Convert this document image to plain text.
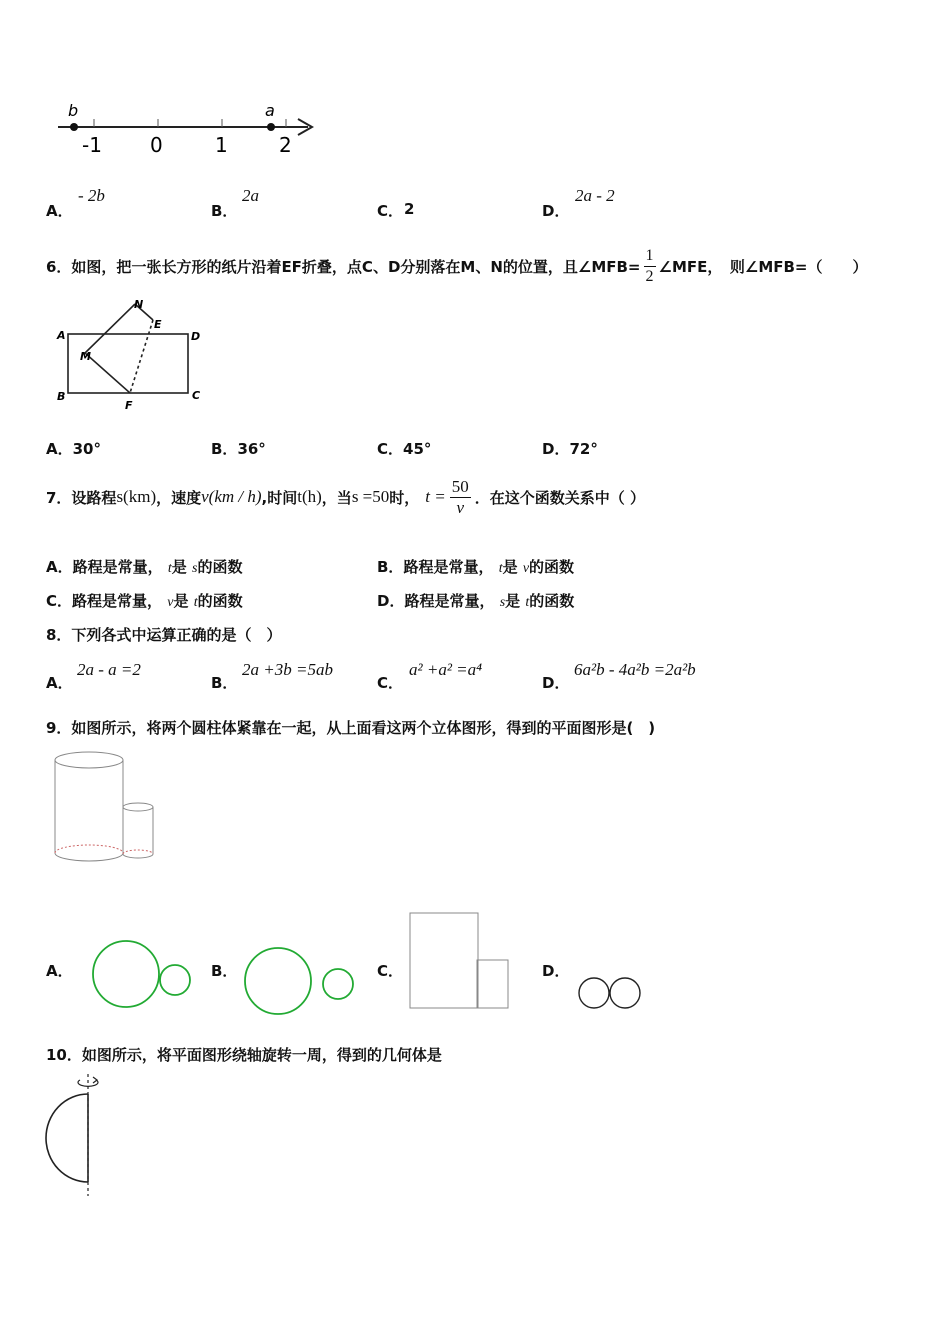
b	a
-1 0	1	2
A．
- 2b
B．
2a
C． 2	D．
2a - 2
6．如图，把一张长方形的纸片沿着EF折叠，点C、D分别落在M、N的位置，且∠MFB= $\frac{1}{2}$ ∠MFE，　则∠MFB=（　　）
A
B	C
D
E
F
M
N
A．30°	B．36°	C．45°	D．72°
7．设路程 s(km) ，速度 v(km / h) ,时间 t(h) ，当 s =50 时， $t = \frac{50}{v}$ ．在这个函数关系中（ ）
A．路程是常量， t是 s的函数	B．路程是常量， t是 v的函数
C．路程是常量， v是 t的函数	D．路程是常量， s是 t的函数
8．下列各式中运算正确的是（　）
A．
2a - a =2
B．
2a +3b =5ab
C．
a² +a² =a⁴
D．
6a²b - 4a²b =2a²b
9．如图所示，将两个圆柱体紧靠在一起，从上面看这两个立体图形，得到的平面图形是(　)
A．	B．	C．	D．
10．如图所示，将平面图形绕轴旋转一周，得到的几何体是
